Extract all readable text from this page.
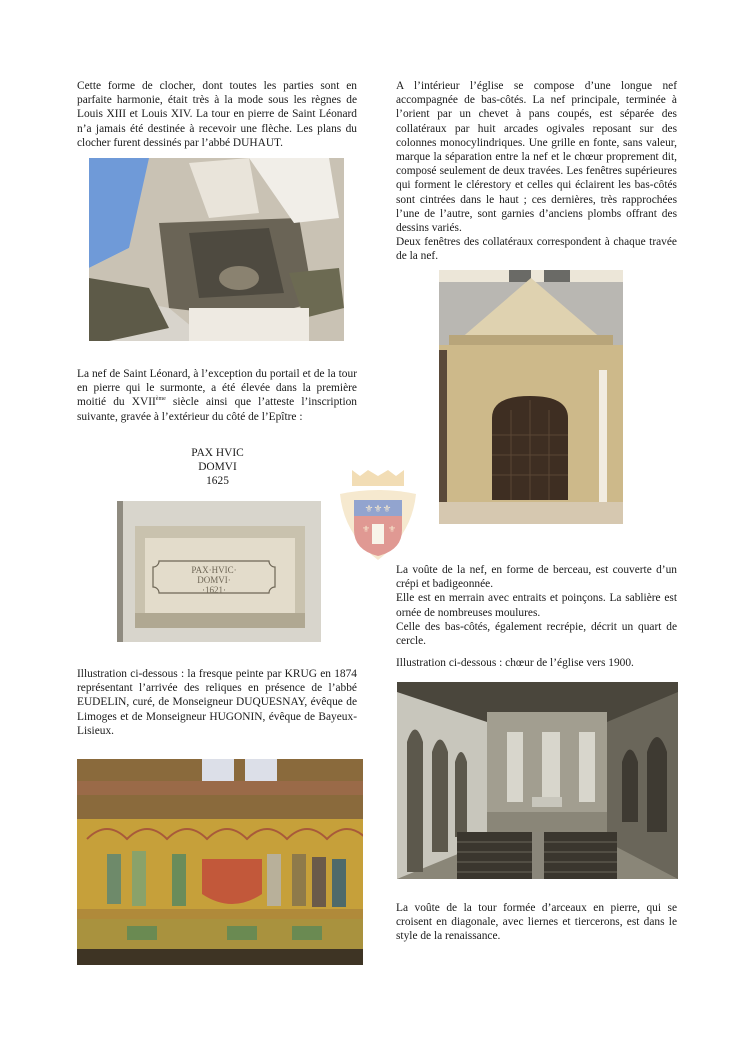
Cette forme de clocher, dont toutes les parties sont en parfaite harmonie, était très à la mode sous les règnes de Louis XIII et Louis XIV. La tour en pierre de Saint Léonard n’a jamais été destinée à recevoir une flèche. Les plans du clocher furent dessinés par l’abbé DUHAUT.

La nef de Saint Léonard, à l’exception du portail et de la tour en pierre qui le surmonte, a été élevée dans la première moitié du XVIIème siècle ainsi que l’atteste l’inscription suivante, gravée à l’extérieur du côté de l’Epître :

PAX HVIC

DOMVI

1625

PAX·HVIC·
DOMVI·
·1621·

Illustration ci-dessous : la fresque peinte par KRUG en 1874 représentant l’arrivée des reliques en présence de l’abbé EUDELIN, curé, de Monseigneur DUQUESNAY, évêque de Limoges et de Monseigneur HUGONIN, évêque de Bayeux-Lisieux.

⚜⚜⚜
⚜ ⚜

A l’intérieur l’église se compose d’une longue nef accompagnée de bas-côtés. La nef principale, terminée à l’orient par un chevet à pans coupés, est séparée des collatéraux par huit arcades ogivales reposant sur des colonnes monocylindriques. Une grille en fonte, sans valeur, marque la séparation entre la nef et le chœur proprement dit, composé seulement de deux travées. Les fenêtres supérieures qui forment le clérestory et celles qui éclairent les bas-côtés sont cintrées dans le haut ; ces dernières, très rapprochées l’une de l’autre, sont garnies d’anciens plombs offrant des dessins variés.

Deux fenêtres des collatéraux correspondent à chaque travée de la nef.

La voûte de la nef, en forme de berceau, est couverte d’un crépi et badigeonnée.

Elle est en merrain avec entraits et poinçons. La sablière est ornée de nombreuses moulures.

Celle des bas-côtés, également recrépie, décrit un quart de cercle.

Illustration ci-dessous : chœur de l’église vers 1900.

La voûte de la tour formée d’arceaux en pierre, qui se croisent en diagonale, avec liernes et tiercerons, est dans le style de la renaissance.
